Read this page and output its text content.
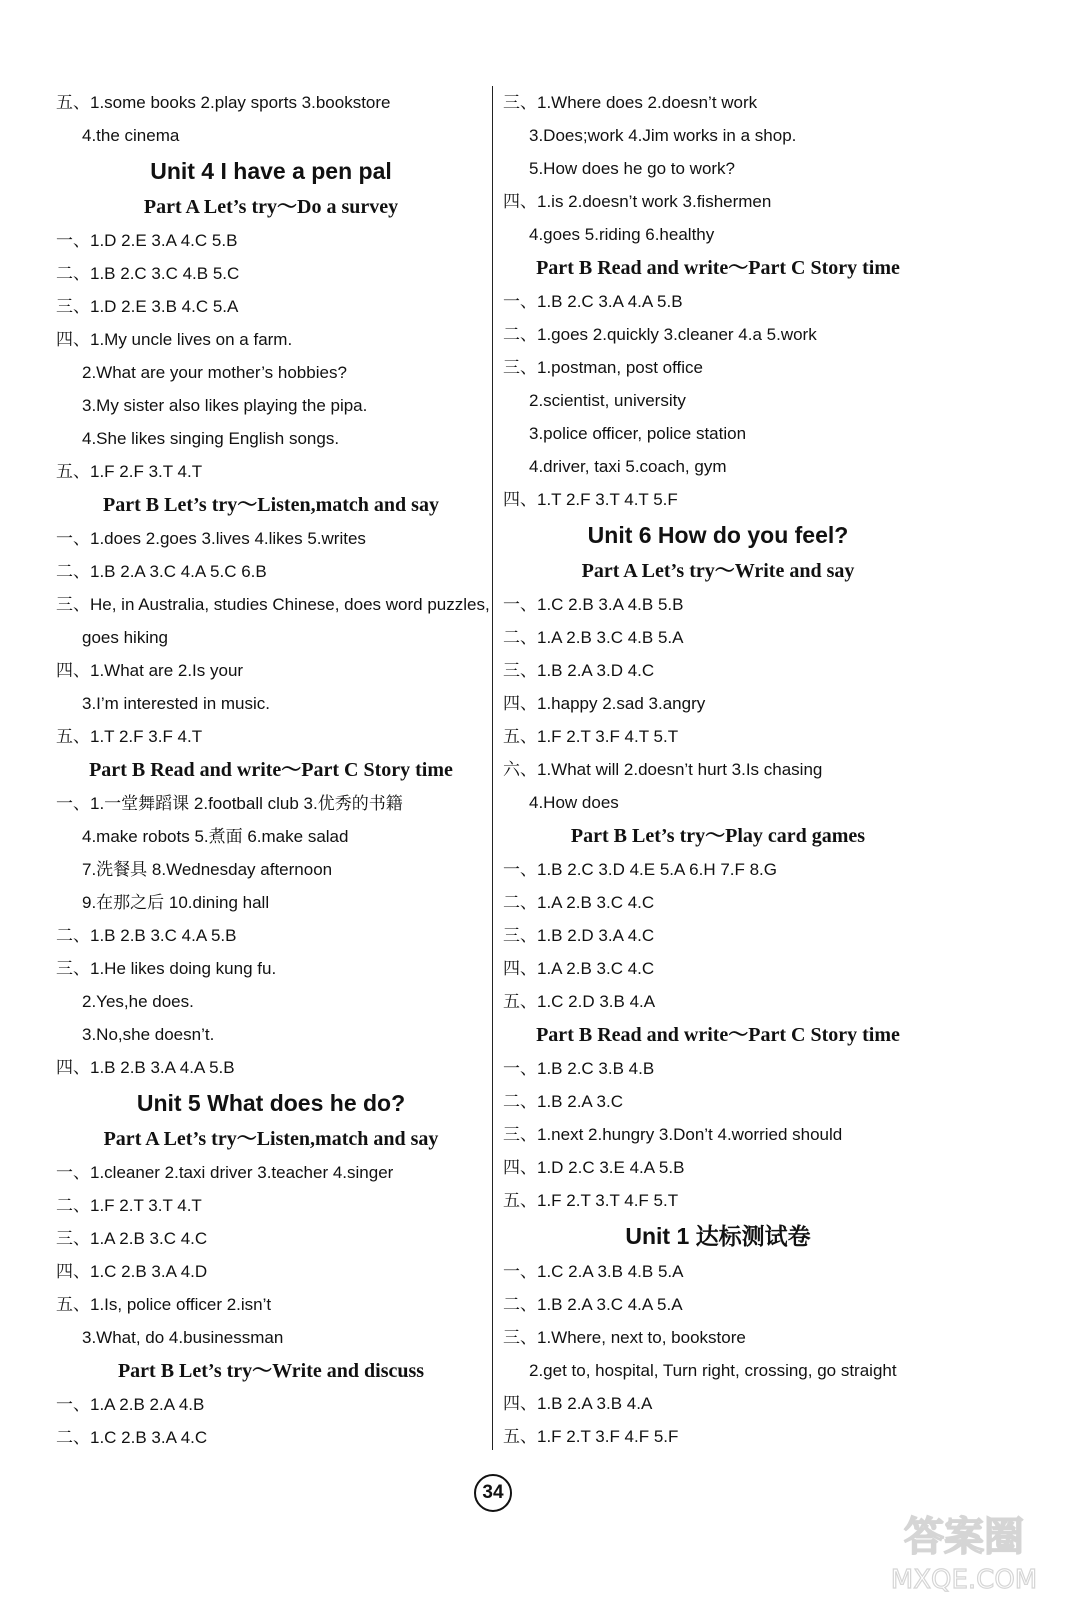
五、1.some books 2.play sports 3.bookstore
4.the cinema
Unit 4 I have a pen pal
Part A Let’s try～Do a survey
一、1.D 2.E 3.A 4.C 5.B
二、1.B 2.C 3.C 4.B 5.C
三、1.D 2.E 3.B 4.C 5.A
四、1.My uncle lives on a farm.
2.What are your mother’s hobbies?
3.My sister also likes playing the pipa.
4.She likes singing English songs.
五、1.F 2.F 3.T 4.T
Part B Let’s try～Listen,match and say
一、1.does 2.goes 3.lives 4.likes 5.writes
二、1.B 2.A 3.C 4.A 5.C 6.B
三、He, in Australia, studies Chinese, does word puzzles,
goes hiking
四、1.What are 2.Is your
3.I’m interested in music.
五、1.T 2.F 3.F 4.T
Part B Read and write～Part C Story time
一、1.一堂舞蹈课 2.football club 3.优秀的书籍
4.make robots 5.煮面 6.make salad
7.洗餐具 8.Wednesday afternoon
9.在那之后 10.dining hall
二、1.B 2.B 3.C 4.A 5.B
三、1.He likes doing kung fu.
2.Yes,he does.
3.No,she doesn’t.
四、1.B 2.B 3.A 4.A 5.B
Unit 5 What does he do?
Part A Let’s try～Listen,match and say
一、1.cleaner 2.taxi driver 3.teacher 4.singer
二、1.F 2.T 3.T 4.T
三、1.A 2.B 3.C 4.C
四、1.C 2.B 3.A 4.D
五、1.Is, police officer 2.isn’t
3.What, do 4.businessman
Part B Let’s try～Write and discuss
一、1.A 2.B 2.A 4.B
二、1.C 2.B 3.A 4.C
三、1.Where does 2.doesn’t work
3.Does;work 4.Jim works in a shop.
5.How does he go to work?
四、1.is 2.doesn’t work 3.fishermen
4.goes 5.riding 6.healthy
Part B Read and write～Part C Story time
一、1.B 2.C 3.A 4.A 5.B
二、1.goes 2.quickly 3.cleaner 4.a 5.work
三、1.postman, post office
2.scientist, university
3.police officer, police station
4.driver, taxi 5.coach, gym
四、1.T 2.F 3.T 4.T 5.F
Unit 6 How do you feel?
Part A Let’s try～Write and say
一、1.C 2.B 3.A 4.B 5.B
二、1.A 2.B 3.C 4.B 5.A
三、1.B 2.A 3.D 4.C
四、1.happy 2.sad 3.angry
五、1.F 2.T 3.F 4.T 5.T
六、1.What will 2.doesn’t hurt 3.Is chasing
4.How does
Part B Let’s try～Play card games
一、1.B 2.C 3.D 4.E 5.A 6.H 7.F 8.G
二、1.A 2.B 3.C 4.C
三、1.B 2.D 3.A 4.C
四、1.A 2.B 3.C 4.C
五、1.C 2.D 3.B 4.A
Part B Read and write～Part C Story time
一、1.B 2.C 3.B 4.B
二、1.B 2.A 3.C
三、1.next 2.hungry 3.Don’t 4.worried should
四、1.D 2.C 3.E 4.A 5.B
五、1.F 2.T 3.T 4.F 5.T
Unit 1 达标测试卷
一、1.C 2.A 3.B 4.B 5.A
二、1.B 2.A 3.C 4.A 5.A
三、1.Where, next to, bookstore
2.get to, hospital, Turn right, crossing, go straight
四、1.B 2.A 3.B 4.A
五、1.F 2.T 3.F 4.F 5.F
34
答案圈
MXQE.COM
